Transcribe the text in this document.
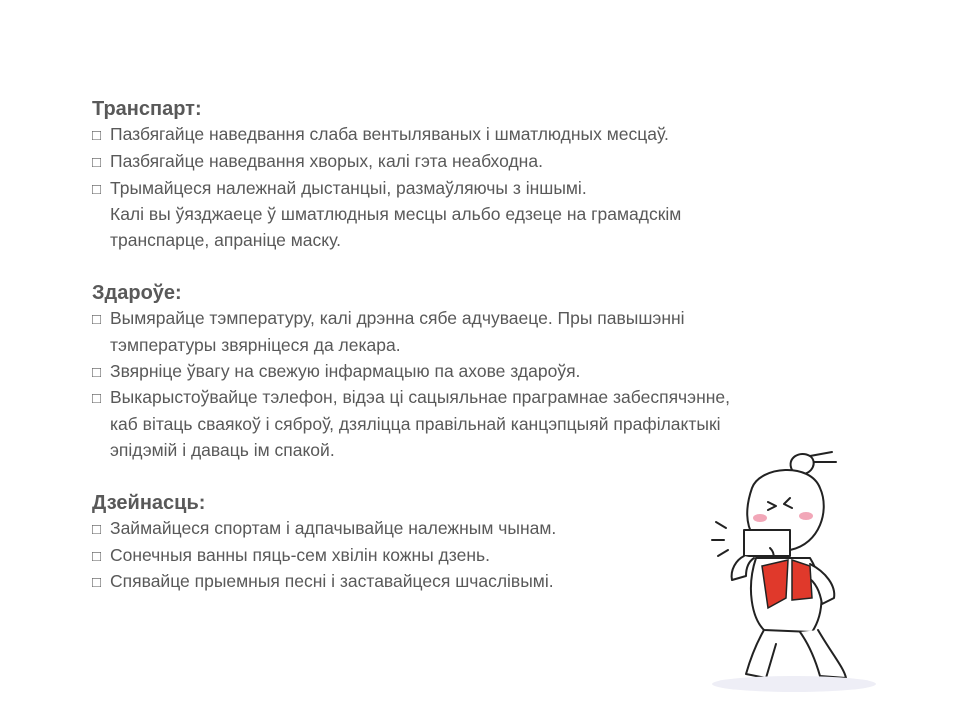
Транспарт:
□ Пазбягайце наведвання слаба вентыляваных і шматлюдных месцаў.
□ Пазбягайце наведвання хворых, калі гэта неабходна.
□ Трымайцеся належнай дыстанцыі, размаўляючы з іншымі.
Калі вы ўязджаеце ў шматлюдныя месцы альбо едзеце на грамадскім
транспарце, апраніце маску.
Здароўе:
□ Вымярайце тэмпературу, калі дрэнна сябе адчуваеце. Пры павышэнні
тэмпературы звярніцеся да лекара.
□ Звярніце ўвагу на свежую інфармацыю па ахове здароўя.
□ Выкарыстоўвайце тэлефон, відэа ці сацыяльнае праграмнае забеспячэнне,
каб вітаць сваякоў і сяброў, дзяліцца правільнай канцэпцыяй прафілактыкі
эпідэмій і даваць ім спакой.
Дзейнасць:
□ Займайцеся спортам і адпачывайце належным чынам.
□ Сонечныя ванны пяць-сем хвілін кожны дзень.
□ Спявайце прыемныя песні і заставайцеся шчаслівымі.
